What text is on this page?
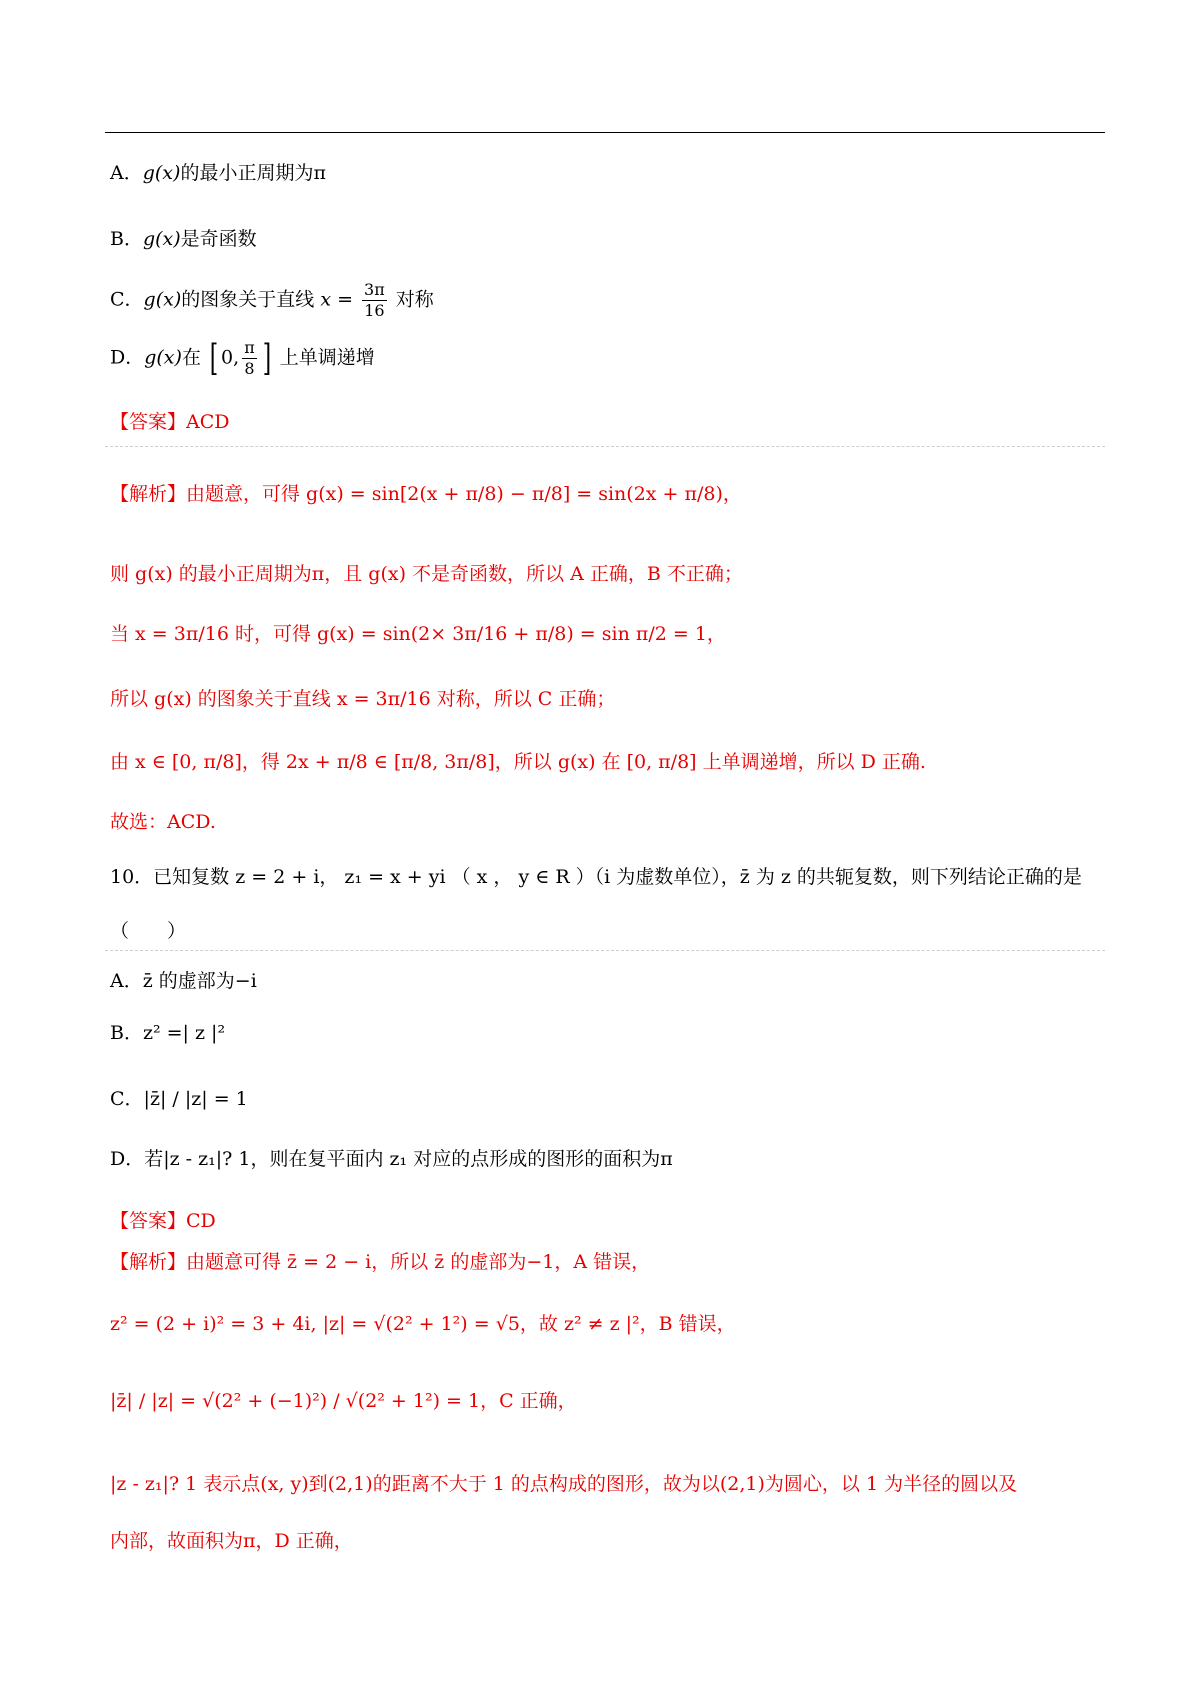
A．g(x)的最小正周期为π
B．g(x)是奇函数
C．g(x)的图象关于直线 $x = \frac{3\pi}{16}$ 对称
D．g(x)在 [ 0, $\frac{\pi}{8}$ ] 上单调递增
【答案】ACD
【解析】由题意，可得 g(x) = sin[2(x + π/8) − π/8] = sin(2x + π/8)，
则 g(x) 的最小正周期为π，且 g(x) 不是奇函数，所以 A 正确，B 不正确；
当 x = 3π/16 时，可得 g(x) = sin(2× 3π/16 + π/8) = sin π/2 = 1，
所以 g(x) 的图象关于直线 x = 3π/16 对称，所以 C 正确；
由 x ∈ [0, π/8]，得 2x + π/8 ∈ [π/8, 3π/8]，所以 g(x) 在 [0, π/8] 上单调递增，所以 D 正确.
故选：ACD.
10．已知复数 z = 2 + i， z₁ = x + yi （ x ， y ∈ R ）（i 为虚数单位），z̄ 为 z 的共轭复数，则下列结论正确的是
（　　）
A．z̄ 的虚部为−i
B．z² =| z |²
C．|z̄| / |z| = 1
D．若|z - z₁|? 1，则在复平面内 z₁ 对应的点形成的图形的面积为π
【答案】CD
【解析】由题意可得 z̄ = 2 − i，所以 z̄ 的虚部为−1，A 错误，
z² = (2 + i)² = 3 + 4i, |z| = √(2² + 1²) = √5，故 z² ≠ z |²，B 错误，
|z̄| / |z| = √(2² + (−1)²) / √(2² + 1²) = 1，C 正确，
|z - z₁|? 1 表示点(x, y)到(2,1)的距离不大于 1 的点构成的图形，故为以(2,1)为圆心，以 1 为半径的圆以及
内部，故面积为π，D 正确，
